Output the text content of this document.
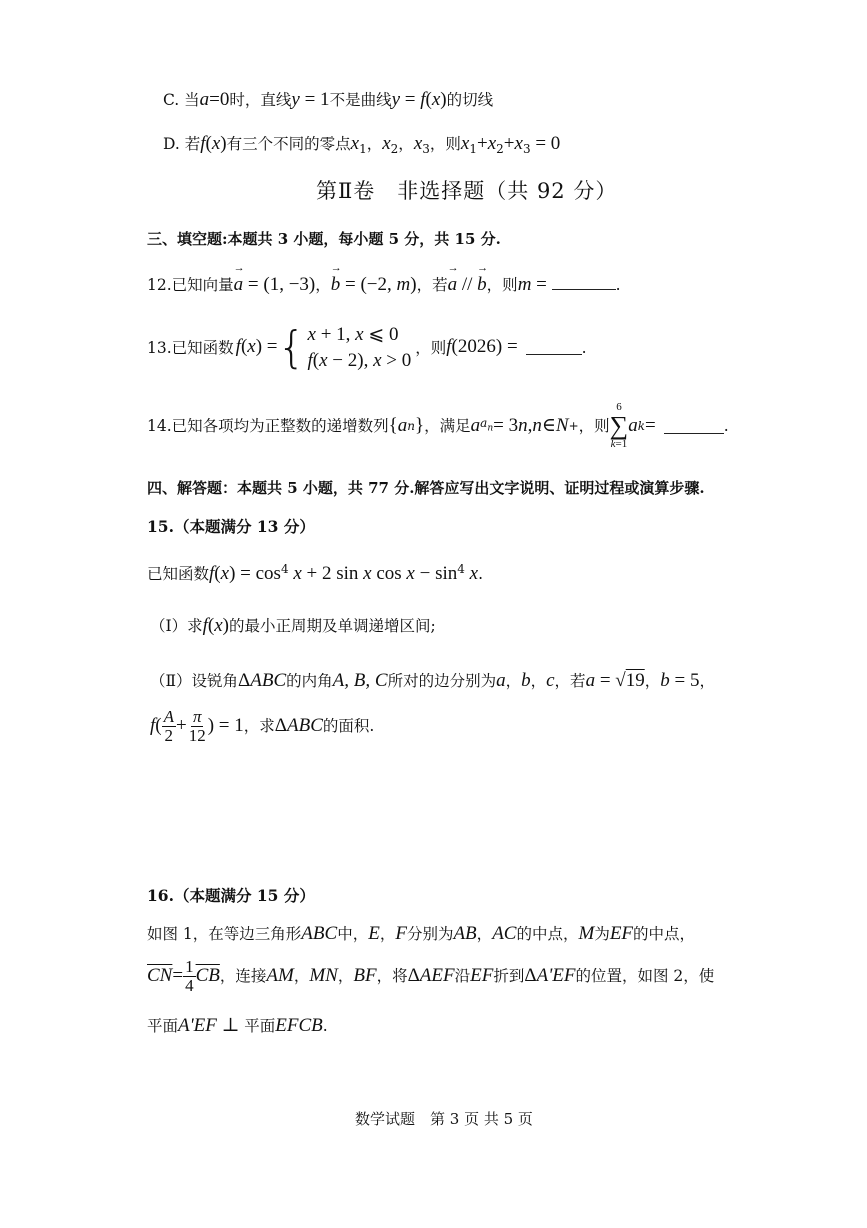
C. 当a=0时，直线y = 1不是曲线y = f(x)的切线
D. 若f(x)有三个不同的零点$x_1$，$x_2$，$x_3$，则$x_1+x_2+x_3 = 0$
第Ⅱ卷　非选择题（共 92 分）
三、填空题:本题共 3 小题，每小题 5 分，共 15 分.
12.已知向量→ a = (1, −3)，→ b = (−2, m)，若→ a // → b，则m =	.
13.已知函数 f ( x ) = { x + 1, x ⩽ 0
f(x − 2), x > 0
，则 f (2026) =	.
14.已知各项均为正整数的递增数列 { a n } ，满足 a $a_n = 3$ n , n ∈ N + ，则
6
∑
k=1
a k =	.
四、解答题：本题共 5 小题，共 77 分.解答应写出文字说明、证明过程或演算步骤.
15.（本题满分 13 分）
已知函数$f(x) = \cos^4 x + 2$ sin x $\cos x - \sin^4 x$.
（Ⅰ）求f(x)的最小正周期及单调递增区间;
（Ⅱ）设锐角ΔABC的内角A, B, C所对的边分别为a，b，c，若a = √19，b = 5，
f ( $\frac{A}{2} + \frac{\pi}{12}$ ) = 1 ，求 Δ ABC 的面积.
16.（本题满分 15 分）
如图 1，在等边三角形ABC中，E，F分别为AB，AC的中点，M为EF的中点，
$\overline{CN} = \frac{1}{4} \overline{CB}$ ，连接 AM ， MN ， BF ，将 Δ AEF 沿 EF 折到 Δ A'EF 的位置，如图 2，使
平面A'EF ⊥ 平面EFCB.
数学试题　第 3 页 共 5 页
